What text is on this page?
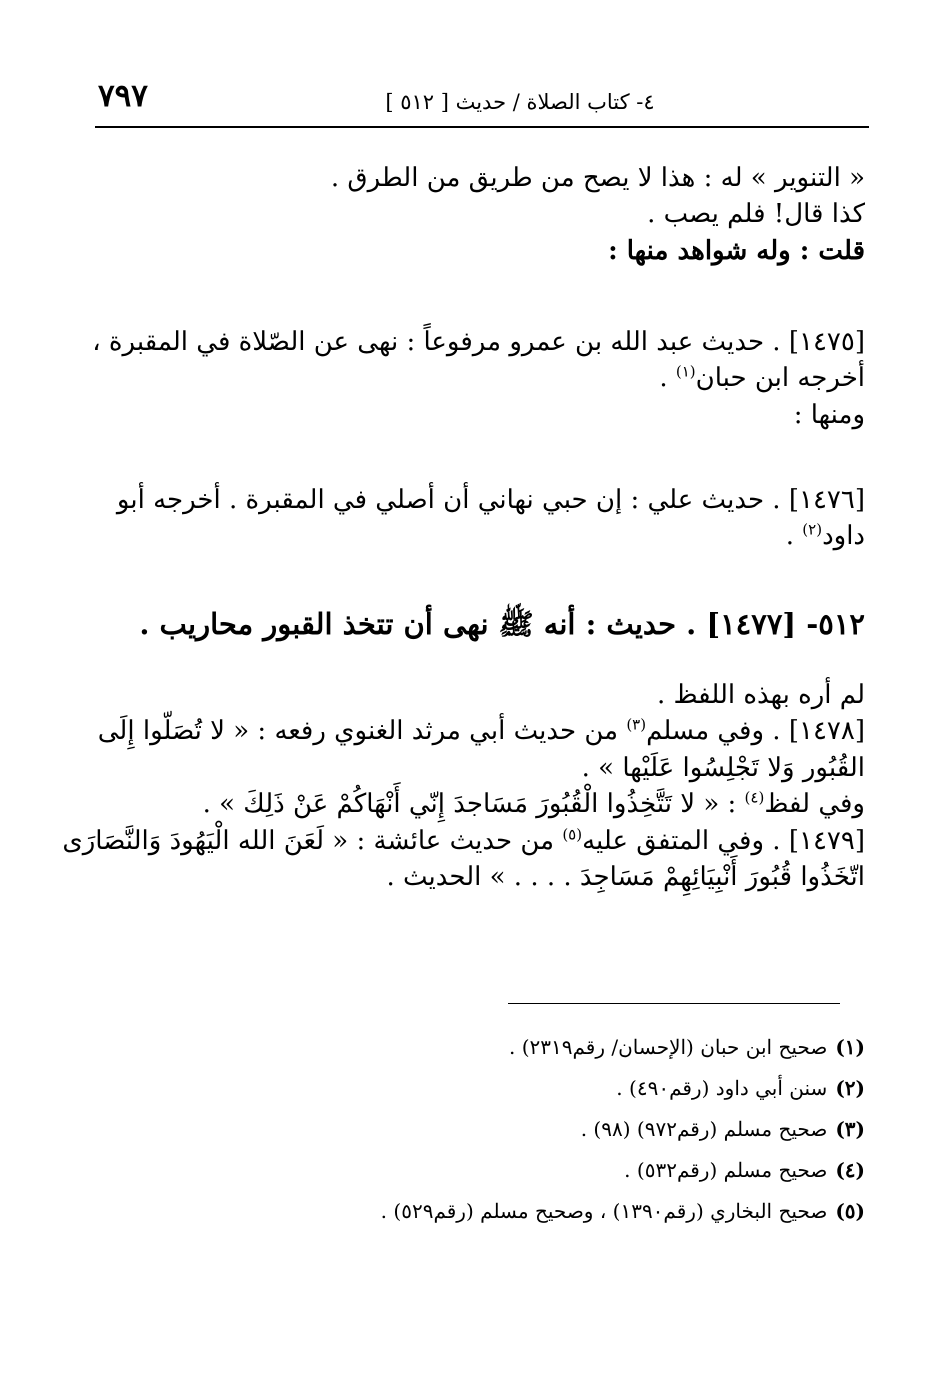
٧٩٧	٤- كتاب الصلاة / حديث [ ٥١٢ ]

« التنوير » له : هذا لا يصح من طريق من الطرق .

كذا قال! فلم يصب .

قلت : وله شواهد منها :

[١٤٧٥] . حديث عبد الله بن عمرو مرفوعاً : نهى عن الصّلاة في المقبرة ،

أخرجه ابن حبان$^{(١)}$ .

ومنها :

[١٤٧٦] . حديث علي : إن حبي نهاني أن أصلي في المقبرة . أخرجه أبو

داود$^{(٢)}$ .

٥١٢- [١٤٧٧] . حديث : أنه ﷺ نهى أن تتخذ القبور محاريب .

لم أره بهذه اللفظ .

[١٤٧٨] . وفي مسلم$^{(٣)}$ من حديث أبي مرثد الغنوي رفعه : « لا تُصَلّوا إِلَى

القُبُور وَلا تَجْلِسُوا عَلَيْها » .

وفي لفظ$^{(٤)}$ : « لا تَتَّخِذُوا الْقُبُورَ مَسَاجدَ إِنّي أَنْهَاكُمْ عَنْ ذَلِكَ » .

[١٤٧٩] . وفي المتفق عليه$^{(٥)}$ من حديث عائشة : « لَعَنَ الله الْيَهُودَ وَالنَّصَارَى

اتّخَذُوا قُبُورَ أَنْبِيَائِهِمْ مَسَاجِدَ . . . . » الحديث .

(١)صحيح ابن حبان (الإحسان/ رقم٢٣١٩) .

(٢)سنن أبي داود (رقم٤٩٠) .

(٣)صحيح مسلم (رقم٩٧٢) (٩٨) .

(٤)صحيح مسلم (رقم٥٣٢) .

(٥)صحيح البخاري (رقم١٣٩٠) ، وصحيح مسلم (رقم٥٢٩) .
